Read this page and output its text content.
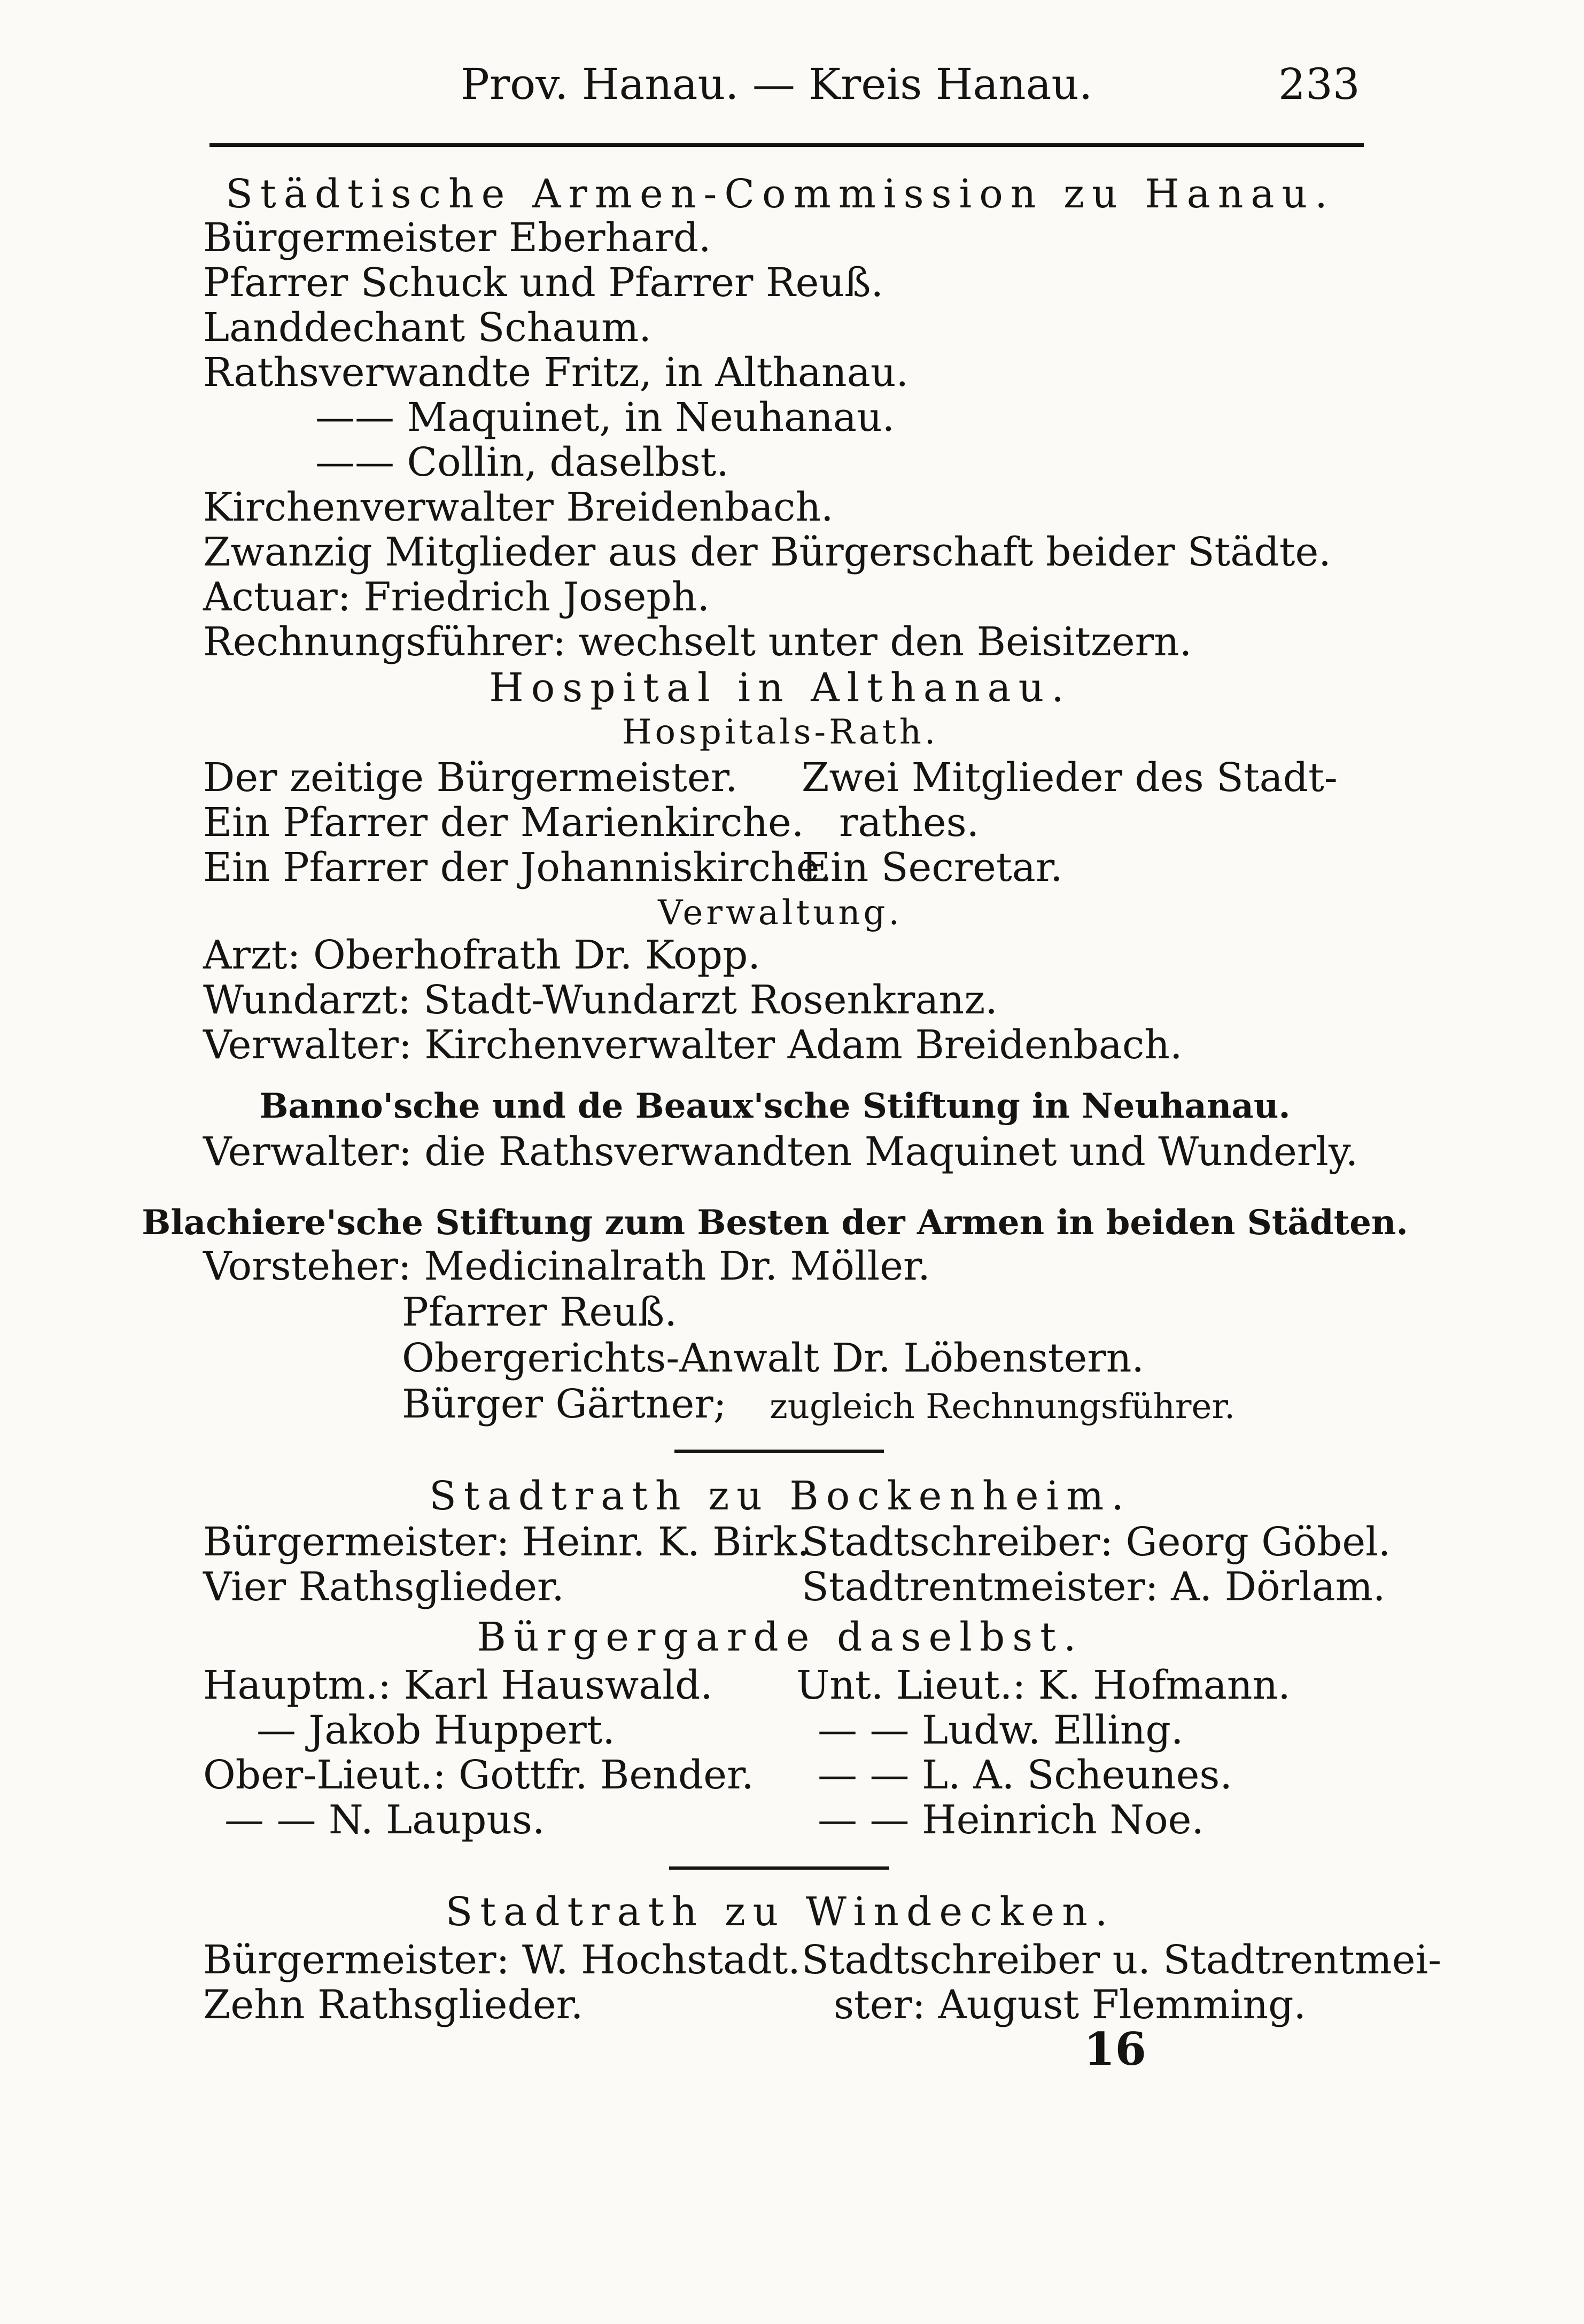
Prov. Hanau. — Kreis Hanau.	233
Städtische Armen-Commission zu Hanau.
Bürgermeister Eberhard.
Pfarrer Schuck und Pfarrer Reuß.
Landdechant Schaum.
Rathsverwandte Fritz, in Althanau.
—— Maquinet, in Neuhanau.
—— Collin, daselbst.
Kirchenverwalter Breidenbach.
Zwanzig Mitglieder aus der Bürgerschaft beider Städte.
Actuar: Friedrich Joseph.
Rechnungsführer: wechselt unter den Beisitzern.
Hospital in Althanau.
Hospitals-Rath.
Der zeitige Bürgermeister.
Ein Pfarrer der Marienkirche.
Ein Pfarrer der Johanniskirche.
Zwei Mitglieder des Stadt-
rathes.
Ein Secretar.
Verwaltung.
Arzt: Oberhofrath Dr. Kopp.
Wundarzt: Stadt-Wundarzt Rosenkranz.
Verwalter: Kirchenverwalter Adam Breidenbach.
Banno'sche und de Beaux'sche Stiftung in Neuhanau.
Verwalter: die Rathsverwandten Maquinet und Wunderly.
Blachiere'sche Stiftung zum Besten der Armen in beiden Städten.
Vorsteher: Medicinalrath Dr. Möller.
Pfarrer Reuß.
Obergerichts-Anwalt Dr. Löbenstern.
Bürger Gärtner; zugleich Rechnungsführer.
Stadtrath zu Bockenheim.
Bürgermeister: Heinr. K. Birk.
Vier Rathsglieder.
Stadtschreiber: Georg Göbel.
Stadtrentmeister: A. Dörlam.
Bürgergarde daselbst.
Hauptm.: Karl Hauswald.
— Jakob Huppert.
Ober-Lieut.: Gottfr. Bender.
— — N. Laupus.
Unt. Lieut.: K. Hofmann.
— — Ludw. Elling.
— — L. A. Scheunes.
— — Heinrich Noe.
Stadtrath zu Windecken.
Bürgermeister: W. Hochstadt.
Zehn Rathsglieder.
Stadtschreiber u. Stadtrentmei-
ster: August Flemming.
16
